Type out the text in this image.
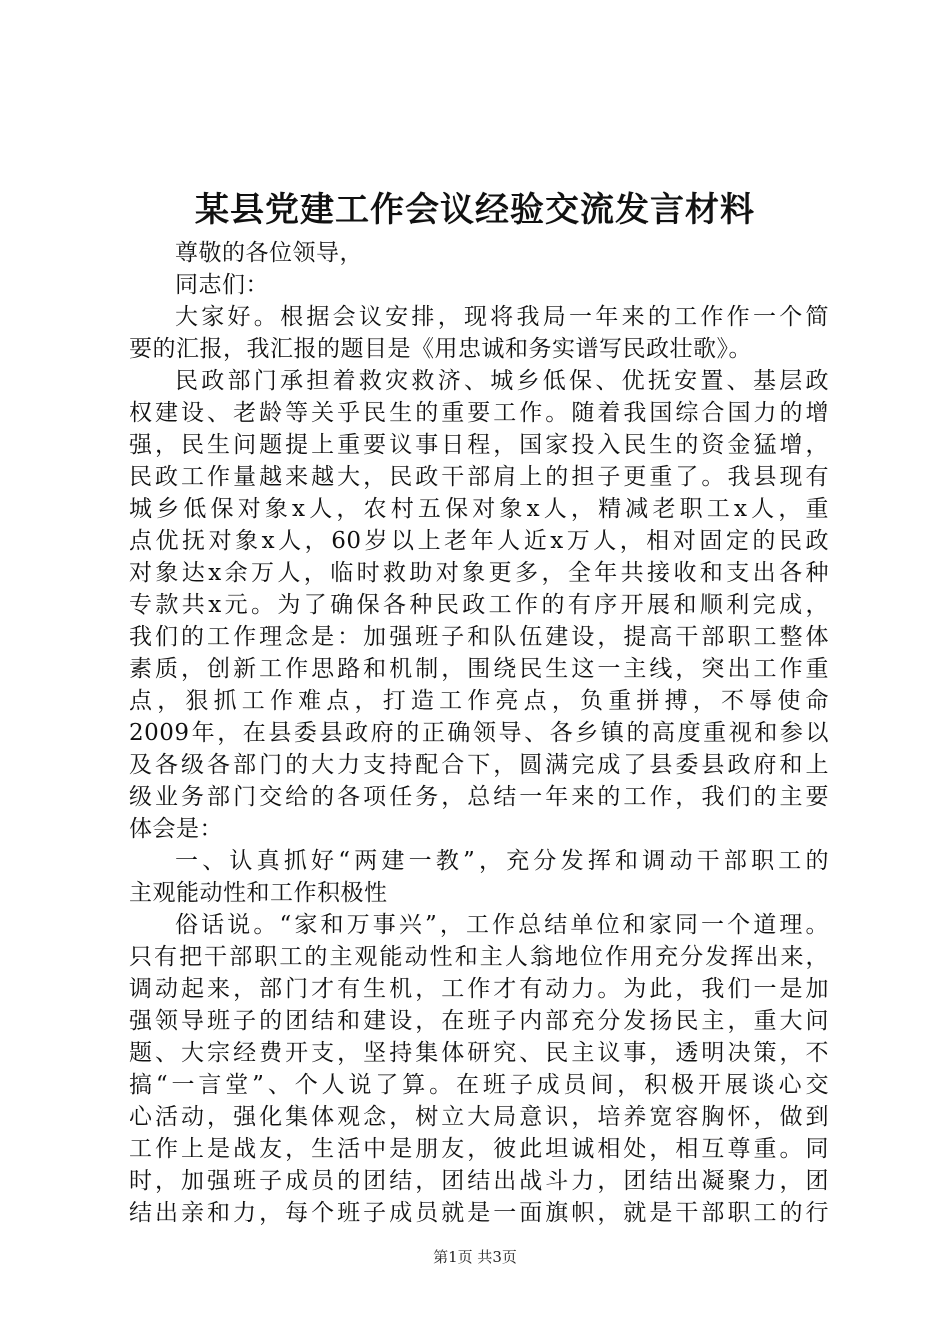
某县党建工作会议经验交流发言材料
尊敬的各位领导，
同志们：
大家好。根据会议安排，现将我局一年来的工作作一个简
要的汇报，我汇报的题目是《用忠诚和务实谱写民政壮歌》。
民政部门承担着救灾救济、城乡低保、优抚安置、基层政
权建设、老龄等关乎民生的重要工作。随着我国综合国力的增
强，民生问题提上重要议事日程，国家投入民生的资金猛增，
民政工作量越来越大，民政干部肩上的担子更重了。我县现有
城乡低保对象x人，农村五保对象x人，精减老职工x人，重
点优抚对象x人，60岁以上老年人近x万人，相对固定的民政
对象达x余万人，临时救助对象更多，全年共接收和支出各种
专款共x元。为了确保各种民政工作的有序开展和顺利完成，
我们的工作理念是：加强班子和队伍建设，提高干部职工整体
素质，创新工作思路和机制，围绕民生这一主线，突出工作重
点，狠抓工作难点，打造工作亮点，负重拼搏，不辱使命
2009年，在县委县政府的正确领导、各乡镇的高度重视和参以
及各级各部门的大力支持配合下，圆满完成了县委县政府和上
级业务部门交给的各项任务，总结一年来的工作，我们的主要
体会是：
一、认真抓好“两建一教”，充分发挥和调动干部职工的
主观能动性和工作积极性
俗话说。“家和万事兴”，工作总结单位和家同一个道理。
只有把干部职工的主观能动性和主人翁地位作用充分发挥出来，
调动起来，部门才有生机，工作才有动力。为此，我们一是加
强领导班子的团结和建设，在班子内部充分发扬民主，重大问
题、大宗经费开支，坚持集体研究、民主议事，透明决策，不
搞“一言堂”、个人说了算。在班子成员间，积极开展谈心交
心活动，强化集体观念，树立大局意识，培养宽容胸怀，做到
工作上是战友，生活中是朋友，彼此坦诚相处，相互尊重。同
时，加强班子成员的团结，团结出战斗力，团结出凝聚力，团
结出亲和力，每个班子成员就是一面旗帜，就是干部职工的行
第1页 共3页
